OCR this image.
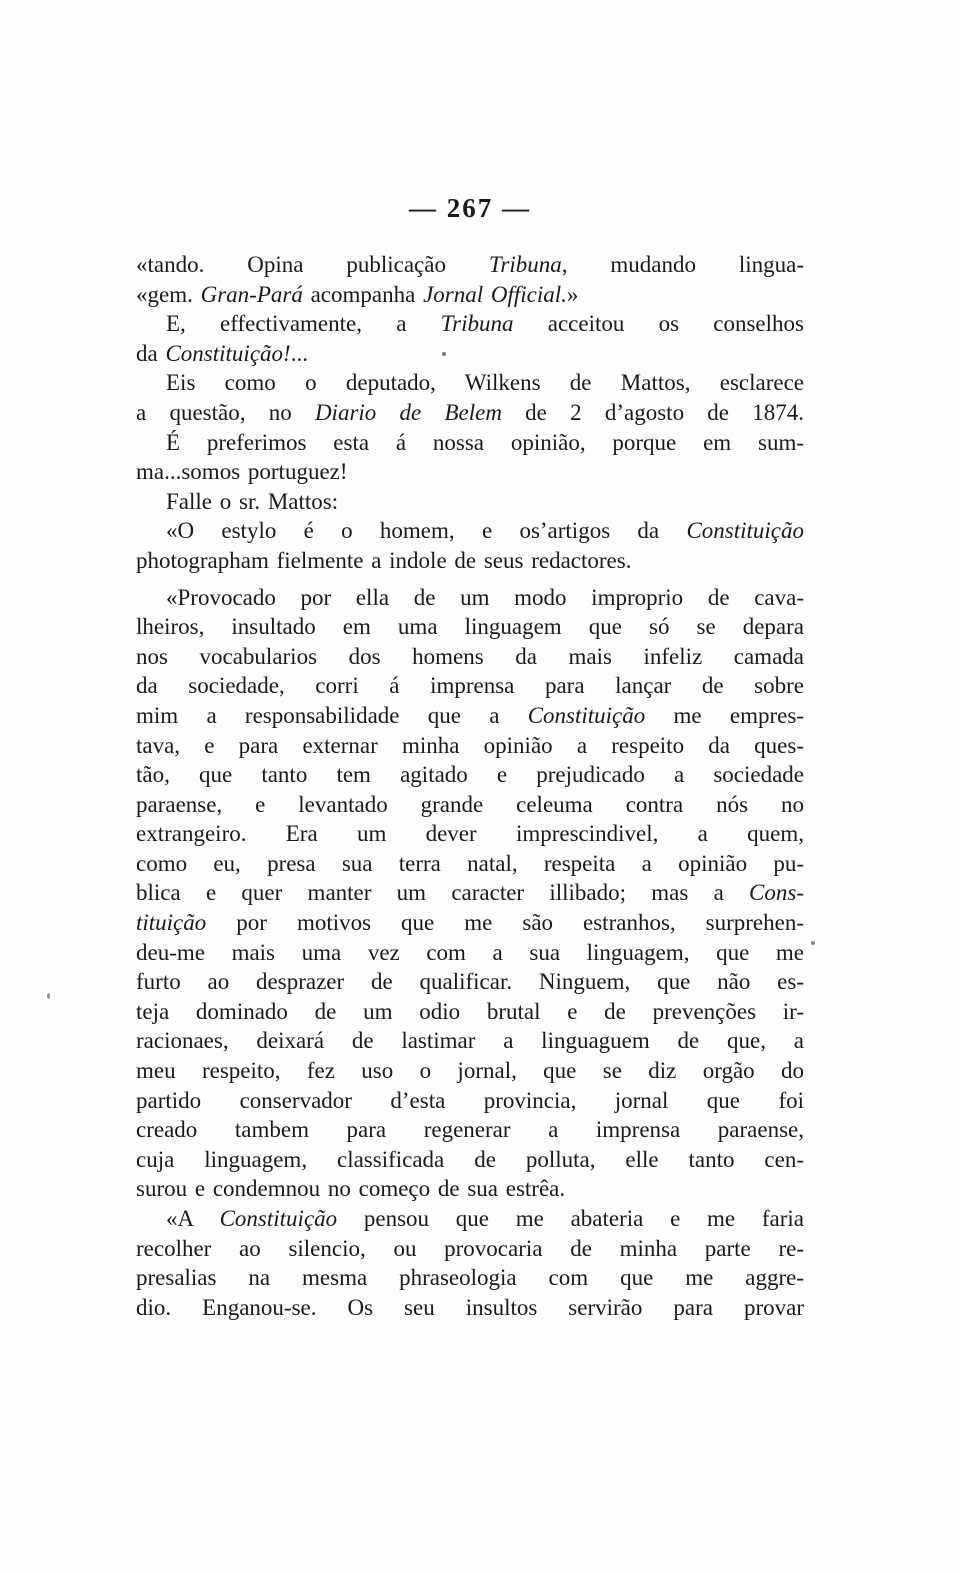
— 267 —
«tando. Opina publicação Tribuna, mudando lingua-
«gem. Gran-Pará acompanha Jornal Official.»
E, effectivamente, a Tribuna acceitou os conselhos
da Constituição!...
Eis como o deputado, Wilkens de Mattos, esclarece
a questão, no Diario de Belem de 2 d’agosto de 1874.
É preferimos esta á nossa opinião, porque em sum-
ma...somos portuguez!
Falle o sr. Mattos:
«O estylo é o homem, e os’artigos da Constituição
photographam fielmente a indole de seus redactores.
«Provocado por ella de um modo improprio de cava-
lheiros, insultado em uma linguagem que só se depara
nos vocabularios dos homens da mais infeliz camada
da sociedade, corri á imprensa para lançar de sobre
mim a responsabilidade que a Constituição me empres-
tava, e para externar minha opinião a respeito da ques-
tão, que tanto tem agitado e prejudicado a sociedade
paraense, e levantado grande celeuma contra nós no
extrangeiro. Era um dever imprescindivel, a quem,
como eu, presa sua terra natal, respeita a opinião pu-
blica e quer manter um caracter illibado; mas a Cons-
tituição por motivos que me são estranhos, surprehen-
deu-me mais uma vez com a sua linguagem, que me
furto ao desprazer de qualificar. Ninguem, que não es-
teja dominado de um odio brutal e de prevenções ir-
racionaes, deixará de lastimar a linguaguem de que, a
meu respeito, fez uso o jornal, que se diz orgão do
partido conservador d’esta provincia, jornal que foi
creado tambem para regenerar a imprensa paraense,
cuja linguagem, classificada de polluta, elle tanto cen-
surou e condemnou no começo de sua estrêa.
«A Constituição pensou que me abateria e me faria
recolher ao silencio, ou provocaria de minha parte re-
presalias na mesma phraseologia com que me aggre-
dio. Enganou-se. Os seu insultos servirão para provar
